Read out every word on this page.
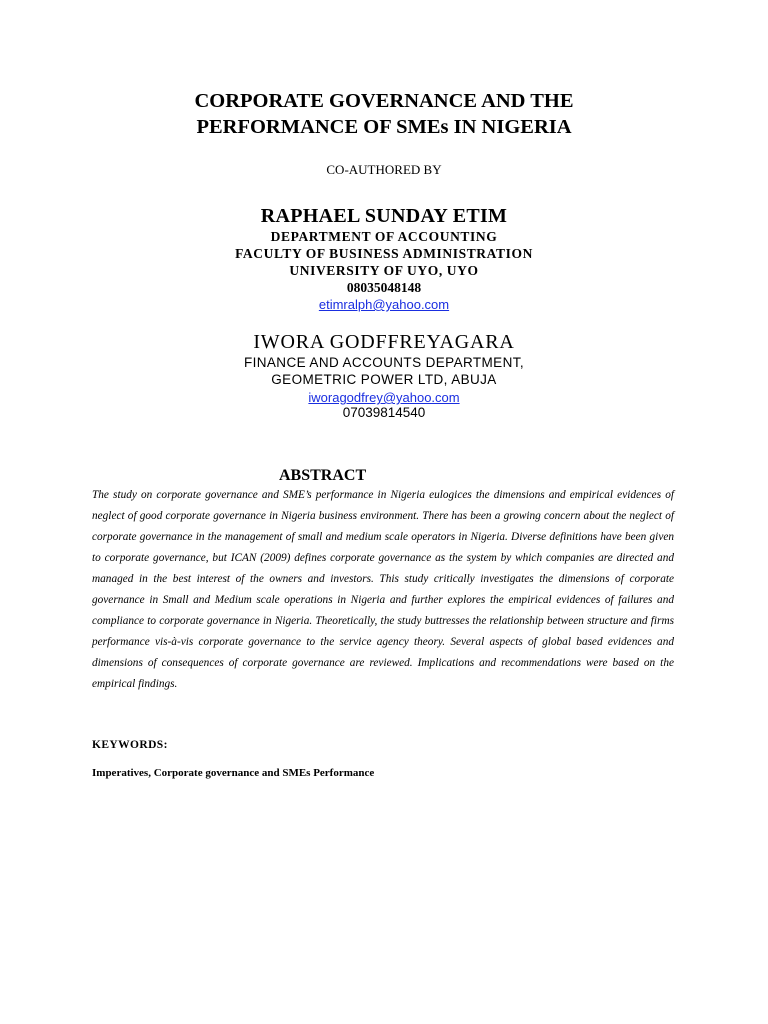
CORPORATE GOVERNANCE AND THE
PERFORMANCE OF SMEs IN NIGERIA
CO-AUTHORED BY
RAPHAEL SUNDAY ETIM
DEPARTMENT OF ACCOUNTING
FACULTY OF BUSINESS ADMINISTRATION
UNIVERSITY OF UYO, UYO
08035048148
etimralph@yahoo.com
IWORA GODFFREYAGARA
FINANCE AND ACCOUNTS DEPARTMENT,
GEOMETRIC POWER LTD, ABUJA
iworagodfrey@yahoo.com
07039814540
ABSTRACT

The study on corporate governance and SME’s performance in Nigeria eulogices the dimensions and empirical evidences of neglect of good corporate governance in Nigeria business environment. There has been a growing concern about the neglect of corporate governance in the management of small and medium scale operators in Nigeria. Diverse definitions have been given to corporate governance, but ICAN (2009) defines corporate governance as the system by which companies are directed and managed in the best interest of the owners and investors. This study critically investigates the dimensions of corporate governance in Small and Medium scale operations in Nigeria and further explores the empirical evidences of failures and compliance to corporate governance in Nigeria. Theoretically, the study buttresses the relationship between structure and firms performance vis-à-vis corporate governance to the service agency theory. Several aspects of global based evidences and dimensions of consequences of corporate governance are reviewed. Implications and recommendations were based on the empirical findings.

KEYWORDS:
Imperatives, Corporate governance and SMEs Performance
